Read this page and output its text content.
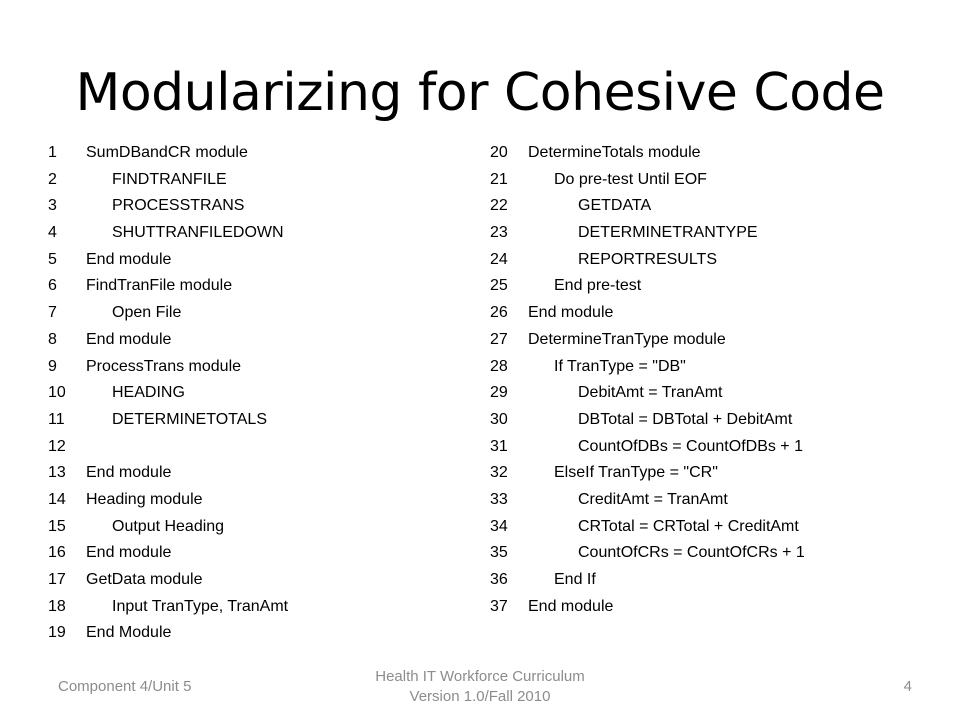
Modularizing for Cohesive Code
1	SumDBandCR module
2	FINDTRANFILE
3	PROCESSTRANS
4	SHUTTRANFILEDOWN
5	End module
6	FindTranFile module
7	Open File
8	End module
9	ProcessTrans module
10	HEADING
11	DETERMINETOTALS
12
13	End module
14	Heading module
15	Output Heading
16	End module
17	GetData module
18	Input TranType, TranAmt
19	End Module
20	DetermineTotals module
21	Do pre-test Until EOF
22	GETDATA
23	DETERMINETRANTYPE
24	REPORTRESULTS
25	End pre-test
26	End module
27	DetermineTranType module
28	If TranType = "DB"
29	DebitAmt = TranAmt
30	DBTotal = DBTotal + DebitAmt
31	CountOfDBs = CountOfDBs + 1
32	ElseIf TranType = "CR"
33	CreditAmt = TranAmt
34	CRTotal = CRTotal + CreditAmt
35	CountOfCRs = CountOfCRs + 1
36	End If
37	End module
Component 4/Unit 5
Health IT Workforce Curriculum
Version 1.0/Fall 2010
4
